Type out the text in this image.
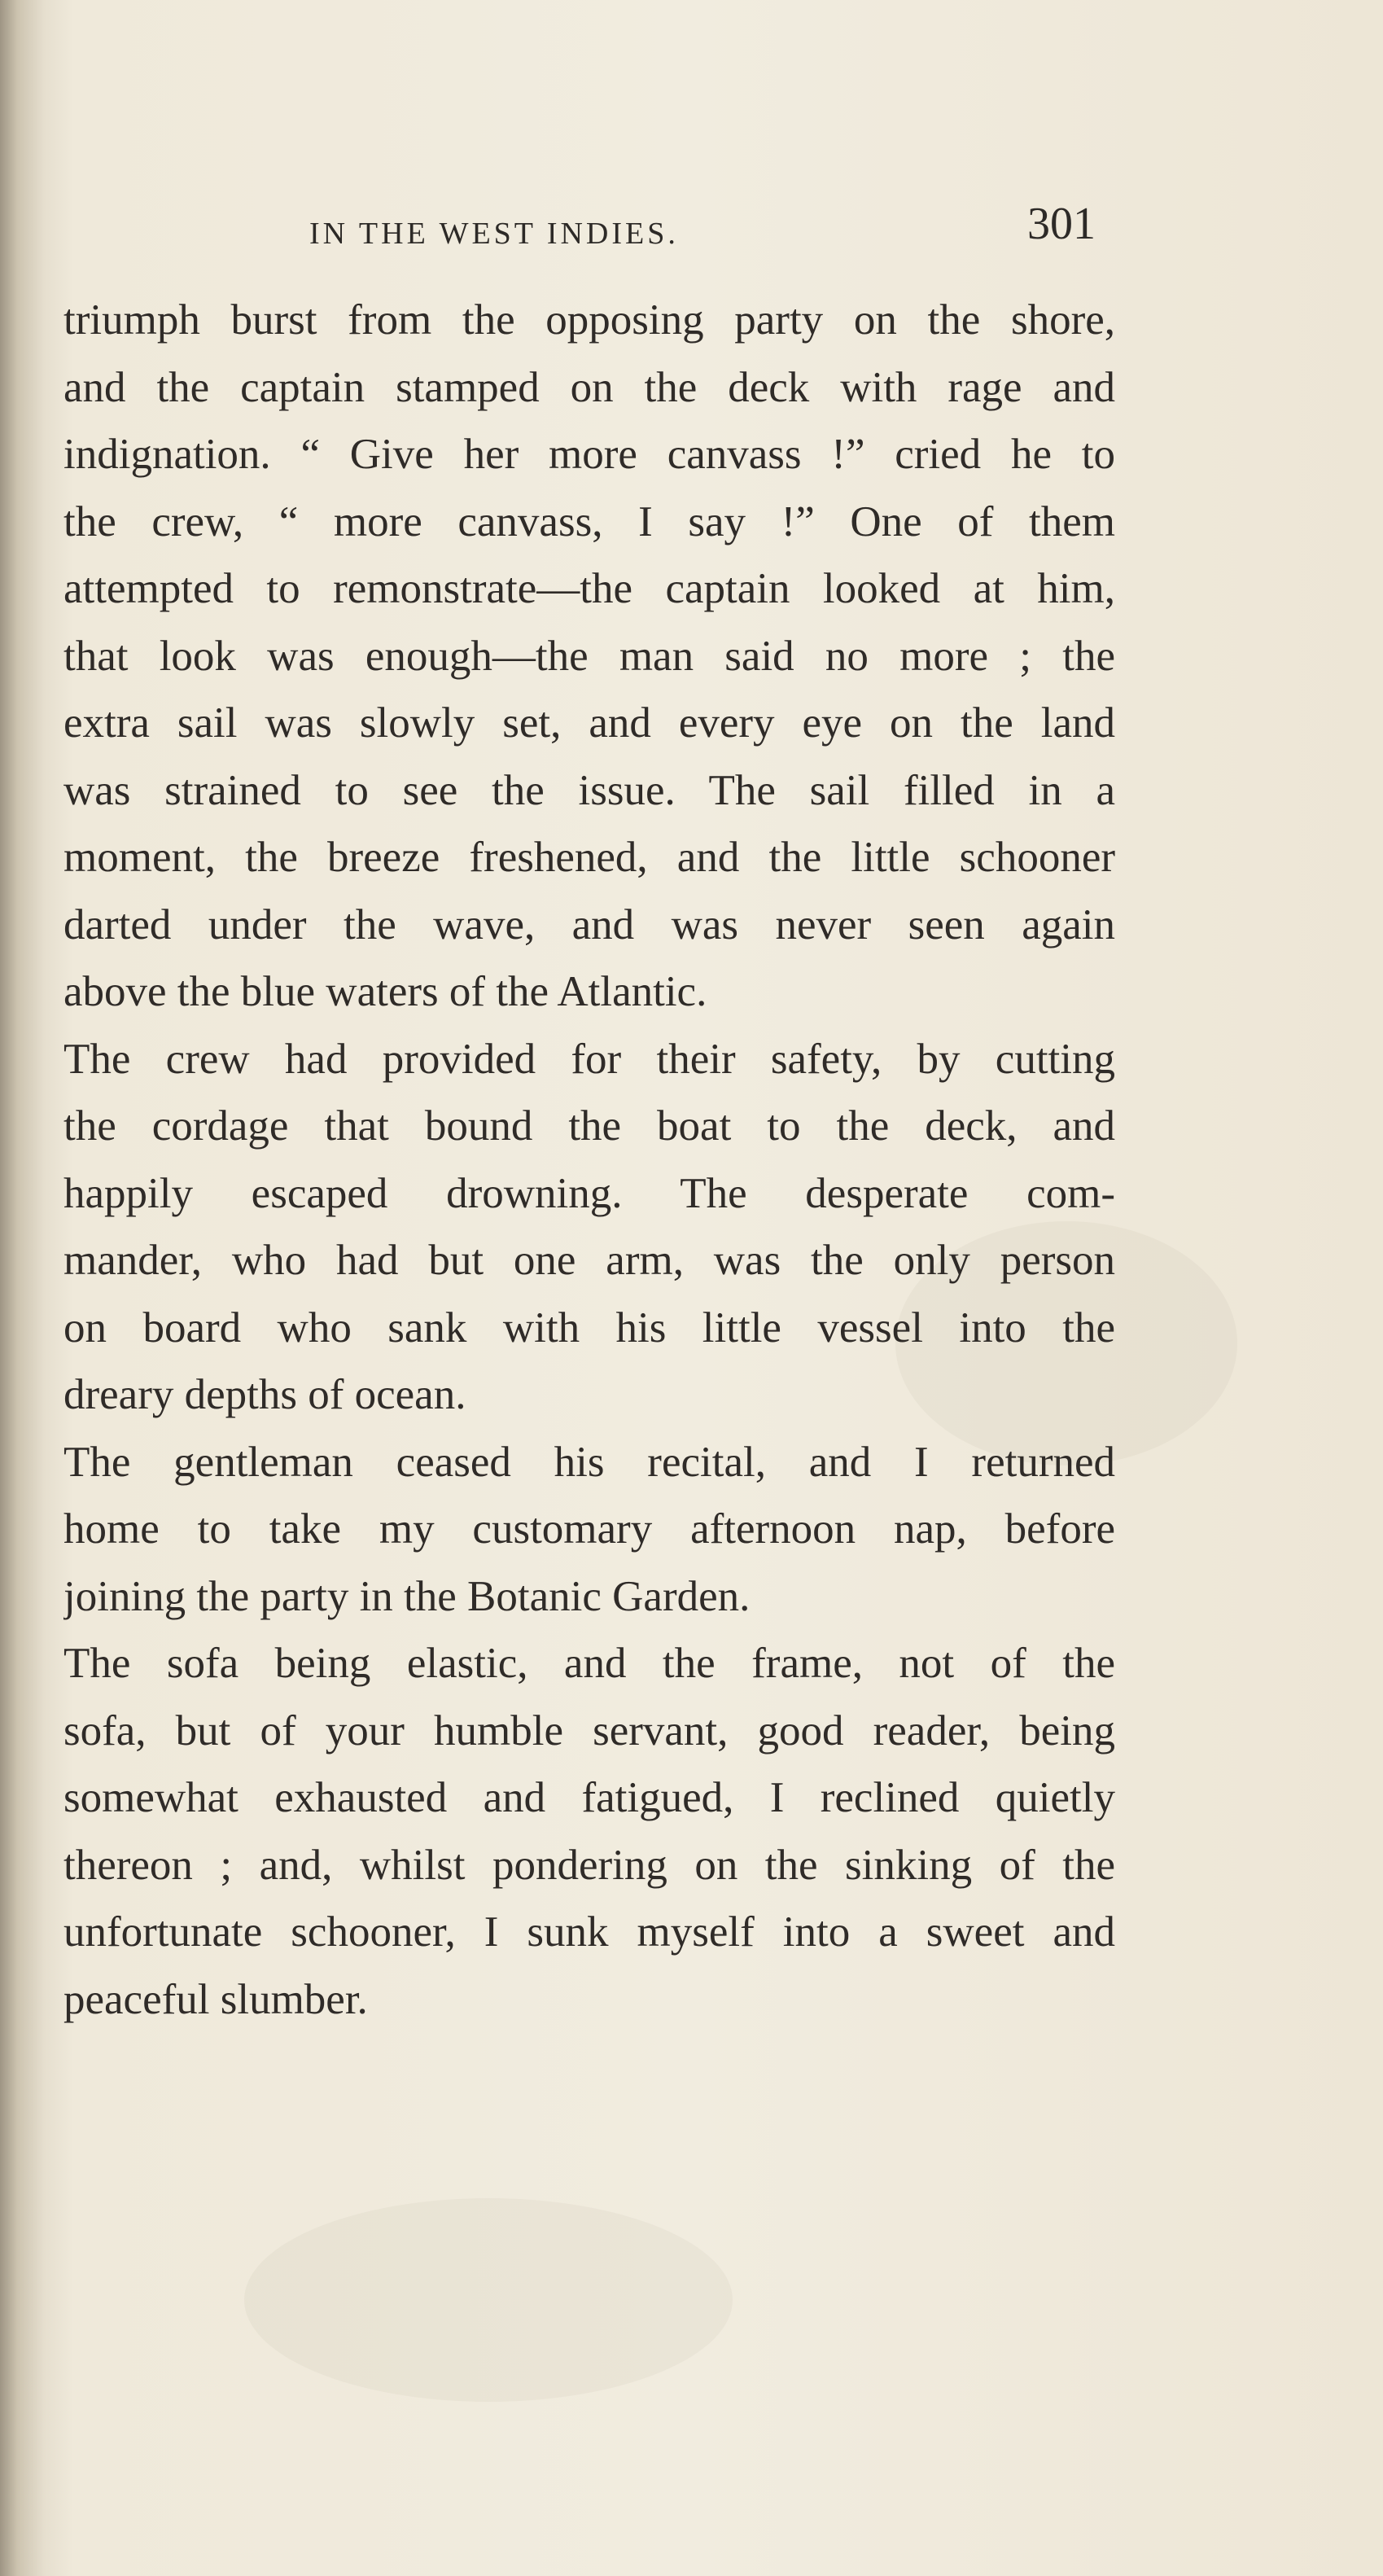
IN THE WEST INDIES.	301
triumph burst from the opposing party on the shore,
and the captain stamped on the deck with rage and
indignation. “ Give her more canvass !” cried he to
the crew, “ more canvass, I say !” One of them
attempted to remonstrate—the captain looked at him,
that look was enough—the man said no more ; the
extra sail was slowly set, and every eye on the land
was strained to see the issue. The sail filled in a
moment, the breeze freshened, and the little schooner
darted under the wave, and was never seen again
above the blue waters of the Atlantic.
The crew had provided for their safety, by cutting
the cordage that bound the boat to the deck, and
happily escaped drowning. The desperate com-
mander, who had but one arm, was the only person
on board who sank with his little vessel into the
dreary depths of ocean.
The gentleman ceased his recital, and I returned
home to take my customary afternoon nap, before
joining the party in the Botanic Garden.
The sofa being elastic, and the frame, not of the
sofa, but of your humble servant, good reader, being
somewhat exhausted and fatigued, I reclined quietly
thereon ; and, whilst pondering on the sinking of the
unfortunate schooner, I sunk myself into a sweet and
peaceful slumber.
